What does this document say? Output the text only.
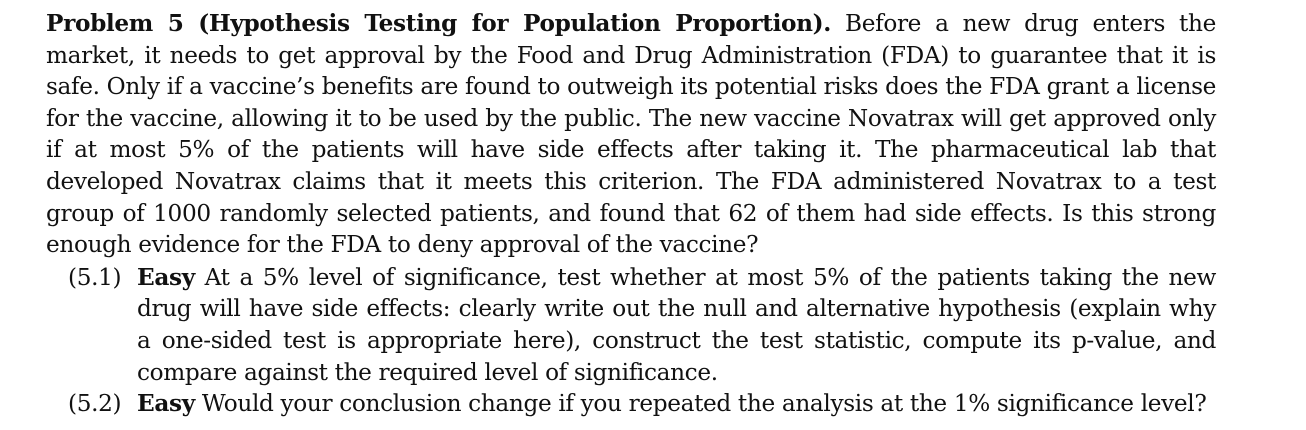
Problem 5 (Hypothesis Testing for Population Proportion). Before a new drug enters the market, it needs to get approval by the Food and Drug Administration (FDA) to guarantee that it is safe. Only if a vaccine’s benefits are found to outweigh its potential risks does the FDA grant a license for the vaccine, allowing it to be used by the public. The new vaccine Novatrax will get approved only if at most 5% of the patients will have side effects after taking it. The pharmaceutical lab that developed Novatrax claims that it meets this criterion. The FDA administered Novatrax to a test group of 1000 randomly selected patients, and found that 62 of them had side effects. Is this strong enough evidence for the FDA to deny approval of the vaccine?

(5.1) Easy At a 5% level of significance, test whether at most 5% of the patients taking the new drug will have side effects: clearly write out the null and alternative hypothesis (explain why a one-sided test is appropriate here), construct the test statistic, compute its p-value, and compare against the required level of significance.
(5.2) Easy Would your conclusion change if you repeated the analysis at the 1% significance level?
